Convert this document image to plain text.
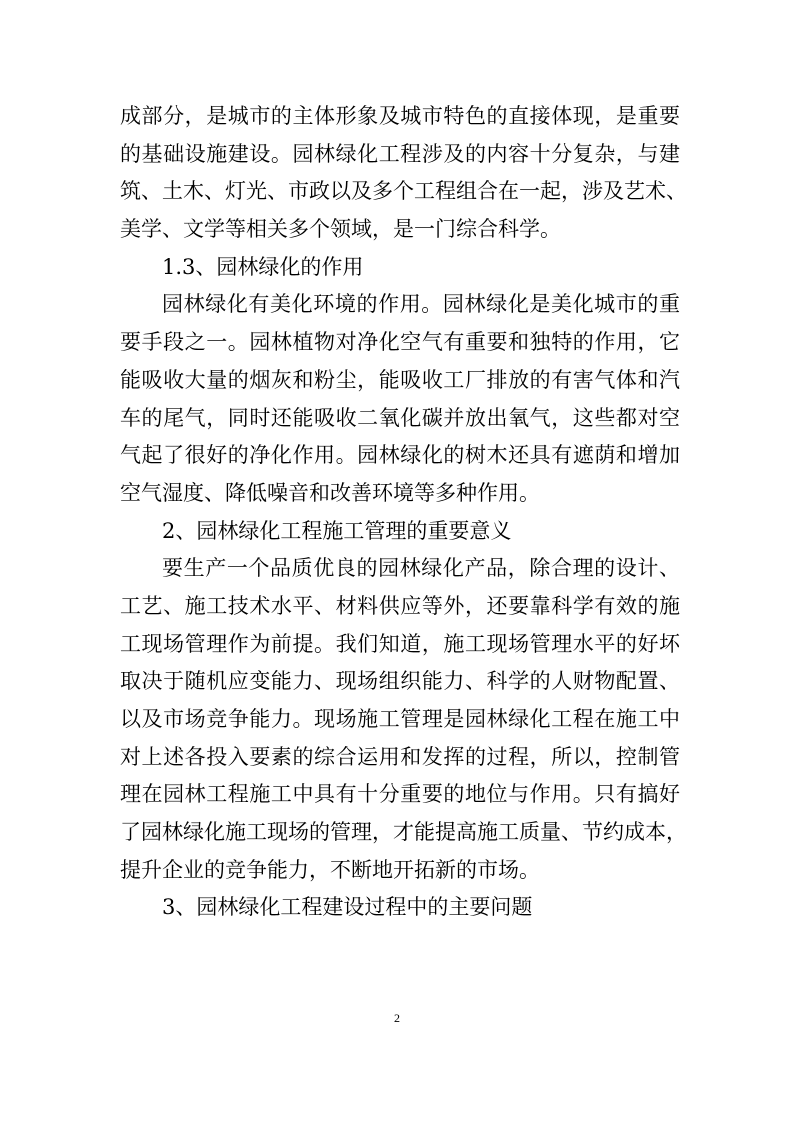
成部分，是城市的主体形象及城市特色的直接体现，是重要
的基础设施建设。园林绿化工程涉及的内容十分复杂，与建
筑、土木、灯光、市政以及多个工程组合在一起，涉及艺术、
美学、文学等相关多个领域，是一门综合科学。
1.3、园林绿化的作用
园林绿化有美化环境的作用。园林绿化是美化城市的重
要手段之一。园林植物对净化空气有重要和独特的作用，它
能吸收大量的烟灰和粉尘，能吸收工厂排放的有害气体和汽
车的尾气，同时还能吸收二氧化碳并放出氧气，这些都对空
气起了很好的净化作用。园林绿化的树木还具有遮荫和增加
空气湿度、降低噪音和改善环境等多种作用。
2、园林绿化工程施工管理的重要意义
要生产一个品质优良的园林绿化产品，除合理的设计、
工艺、施工技术水平、材料供应等外，还要靠科学有效的施
工现场管理作为前提。我们知道，施工现场管理水平的好坏
取决于随机应变能力、现场组织能力、科学的人财物配置、
以及市场竞争能力。现场施工管理是园林绿化工程在施工中
对上述各投入要素的综合运用和发挥的过程，所以，控制管
理在园林工程施工中具有十分重要的地位与作用。只有搞好
了园林绿化施工现场的管理，才能提高施工质量、节约成本，
提升企业的竞争能力，不断地开拓新的市场。
3、园林绿化工程建设过程中的主要问题
2
